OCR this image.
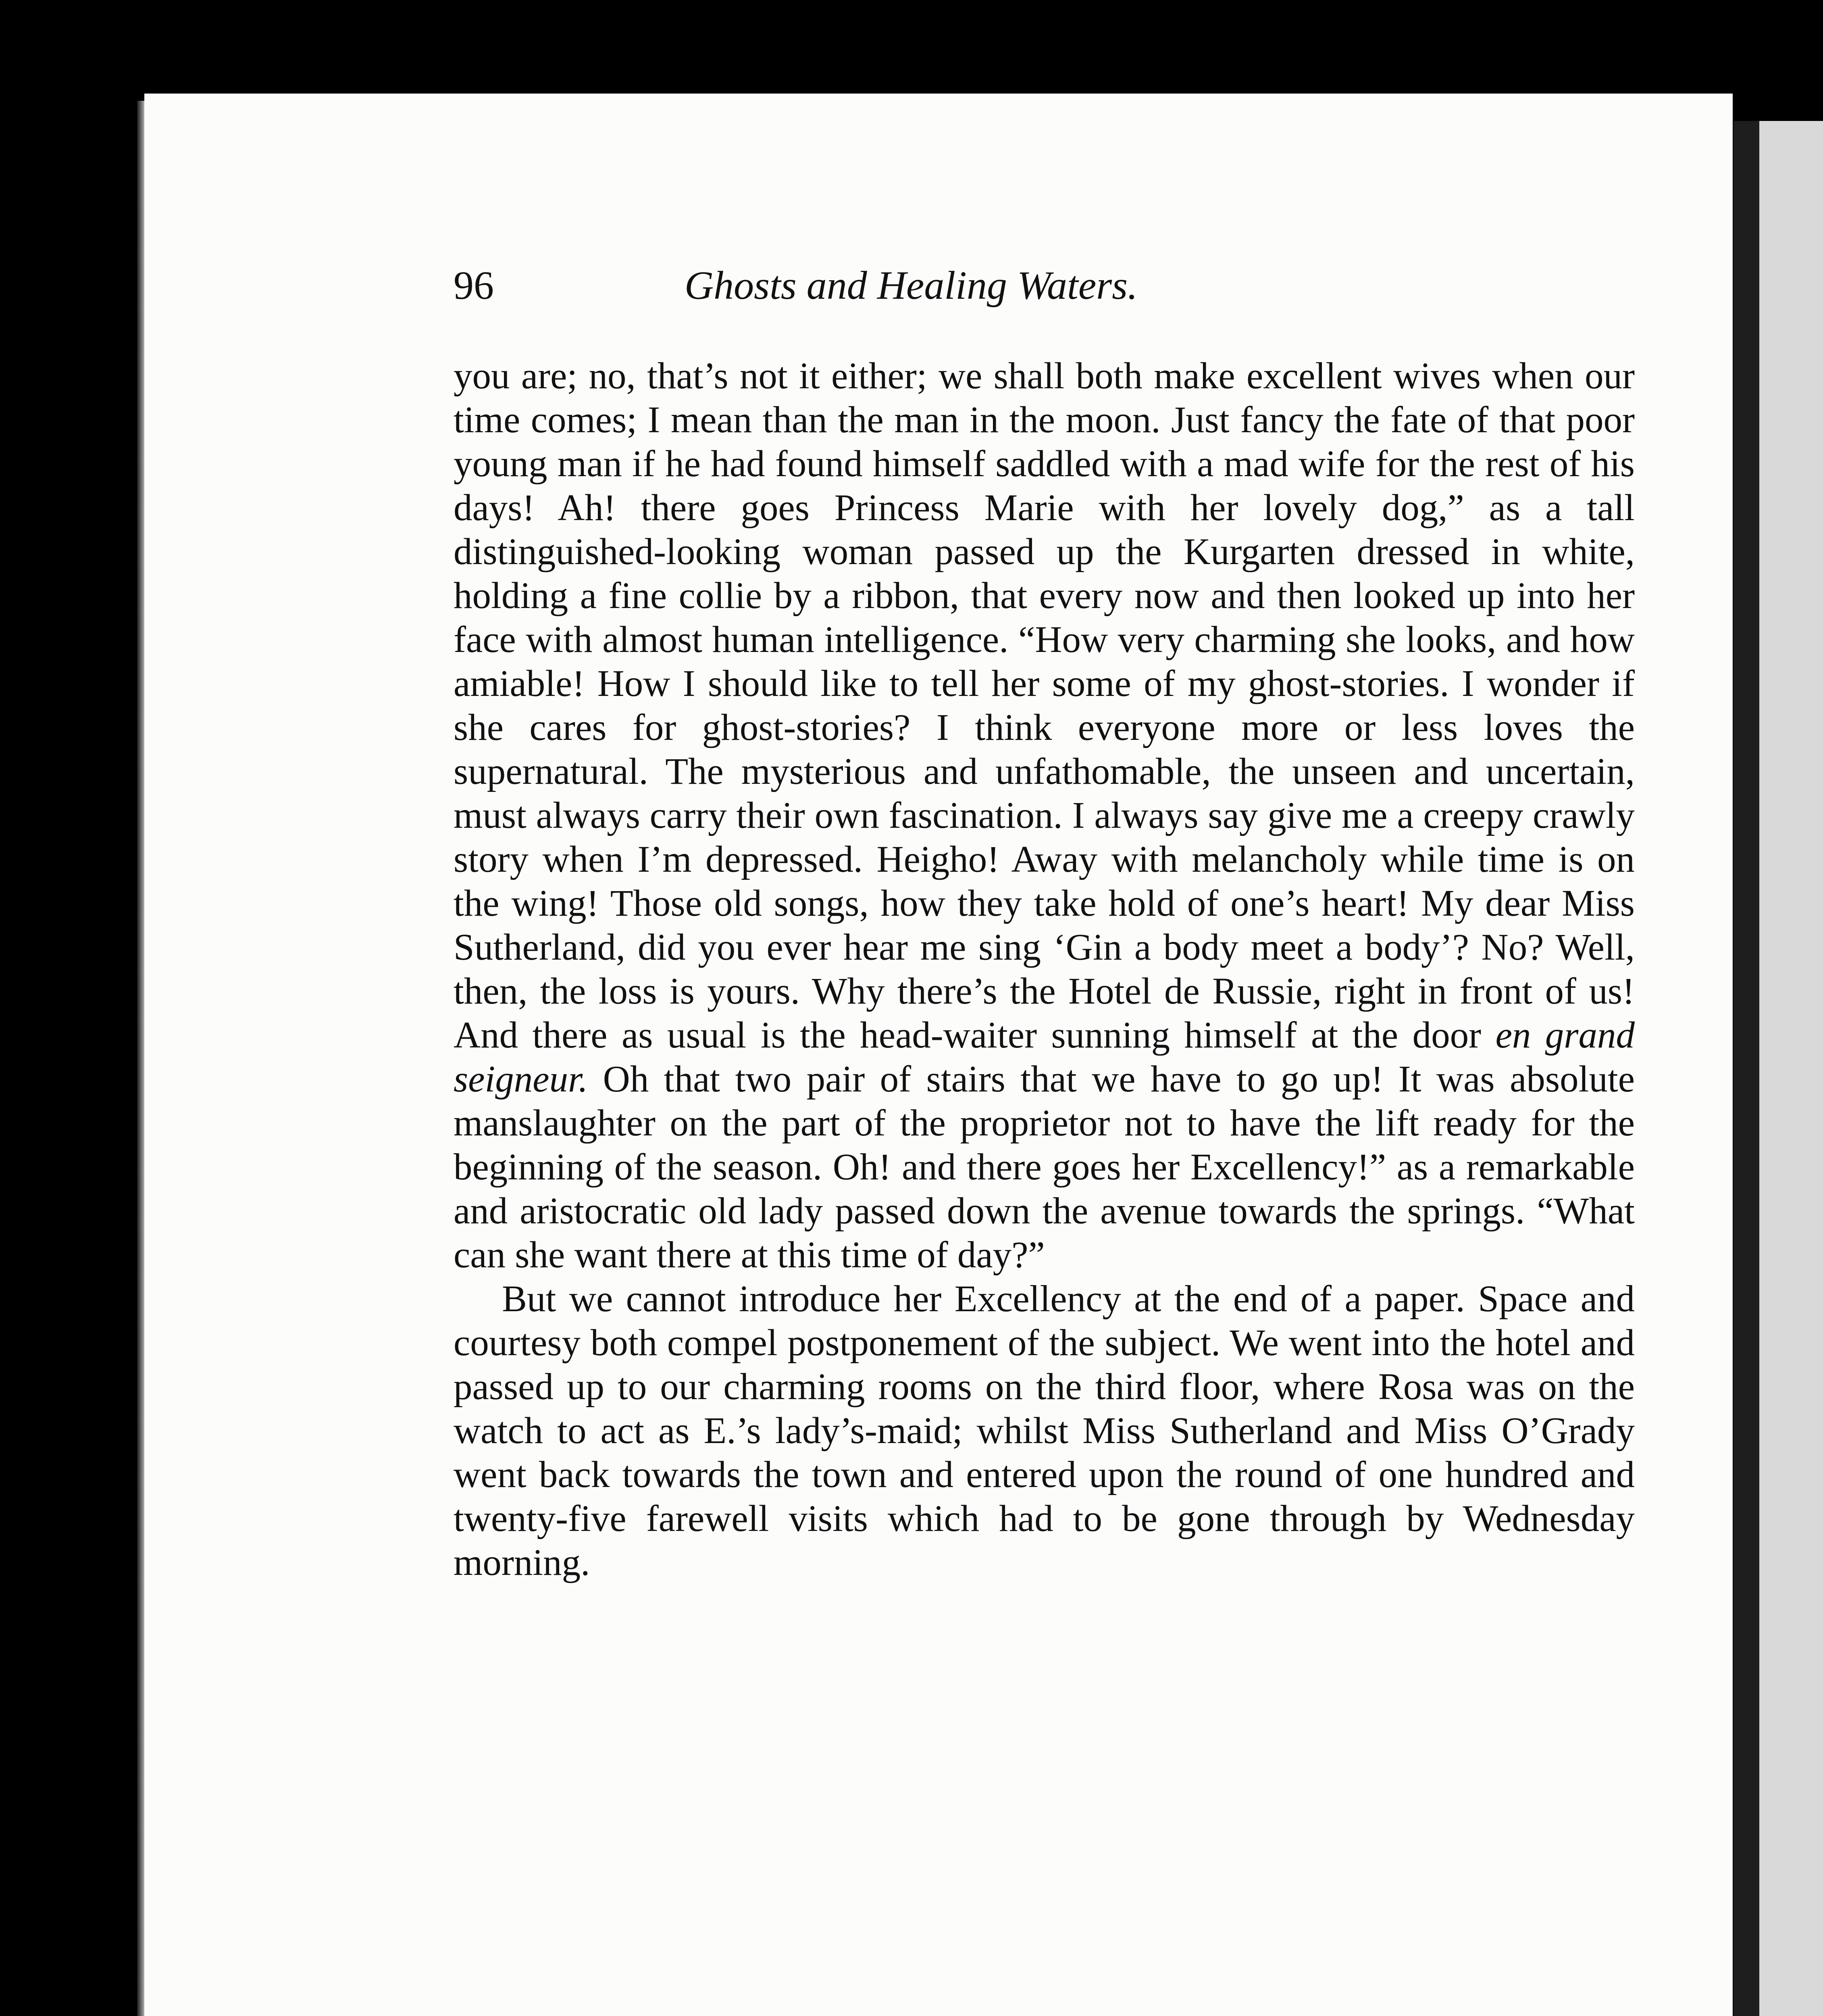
96	Ghosts and Healing Waters.

you are; no, that’s not it either; we shall both make excellent wives when our time comes; I mean than the man in the moon. Just fancy the fate of that poor young man if he had found himself saddled with a mad wife for the rest of his days! Ah! there goes Princess Marie with her lovely dog,” as a tall distinguished-looking woman passed up the Kurgarten dressed in white, holding a fine collie by a ribbon, that every now and then looked up into her face with almost human intelligence. “How very charming she looks, and how amiable! How I should like to tell her some of my ghost-stories. I wonder if she cares for ghost-stories? I think everyone more or less loves the supernatural. The mysterious and unfathomable, the unseen and uncertain, must always carry their own fascination. I always say give me a creepy crawly story when I’m depressed. Heigho! Away with melancholy while time is on the wing! Those old songs, how they take hold of one’s heart! My dear Miss Sutherland, did you ever hear me sing ‘Gin a body meet a body’? No? Well, then, the loss is yours. Why there’s the Hotel de Russie, right in front of us! And there as usual is the head-waiter sunning himself at the door en grand seigneur. Oh that two pair of stairs that we have to go up! It was absolute manslaughter on the part of the proprietor not to have the lift ready for the beginning of the season. Oh! and there goes her Excellency!” as a remarkable and aristocratic old lady passed down the avenue towards the springs. “What can she want there at this time of day?”

But we cannot introduce her Excellency at the end of a paper. Space and courtesy both compel postponement of the subject. We went into the hotel and passed up to our charming rooms on the third floor, where Rosa was on the watch to act as E.’s lady’s-maid; whilst Miss Sutherland and Miss O’Grady went back towards the town and entered upon the round of one hundred and twenty-five farewell visits which had to be gone through by Wednesday morning.
